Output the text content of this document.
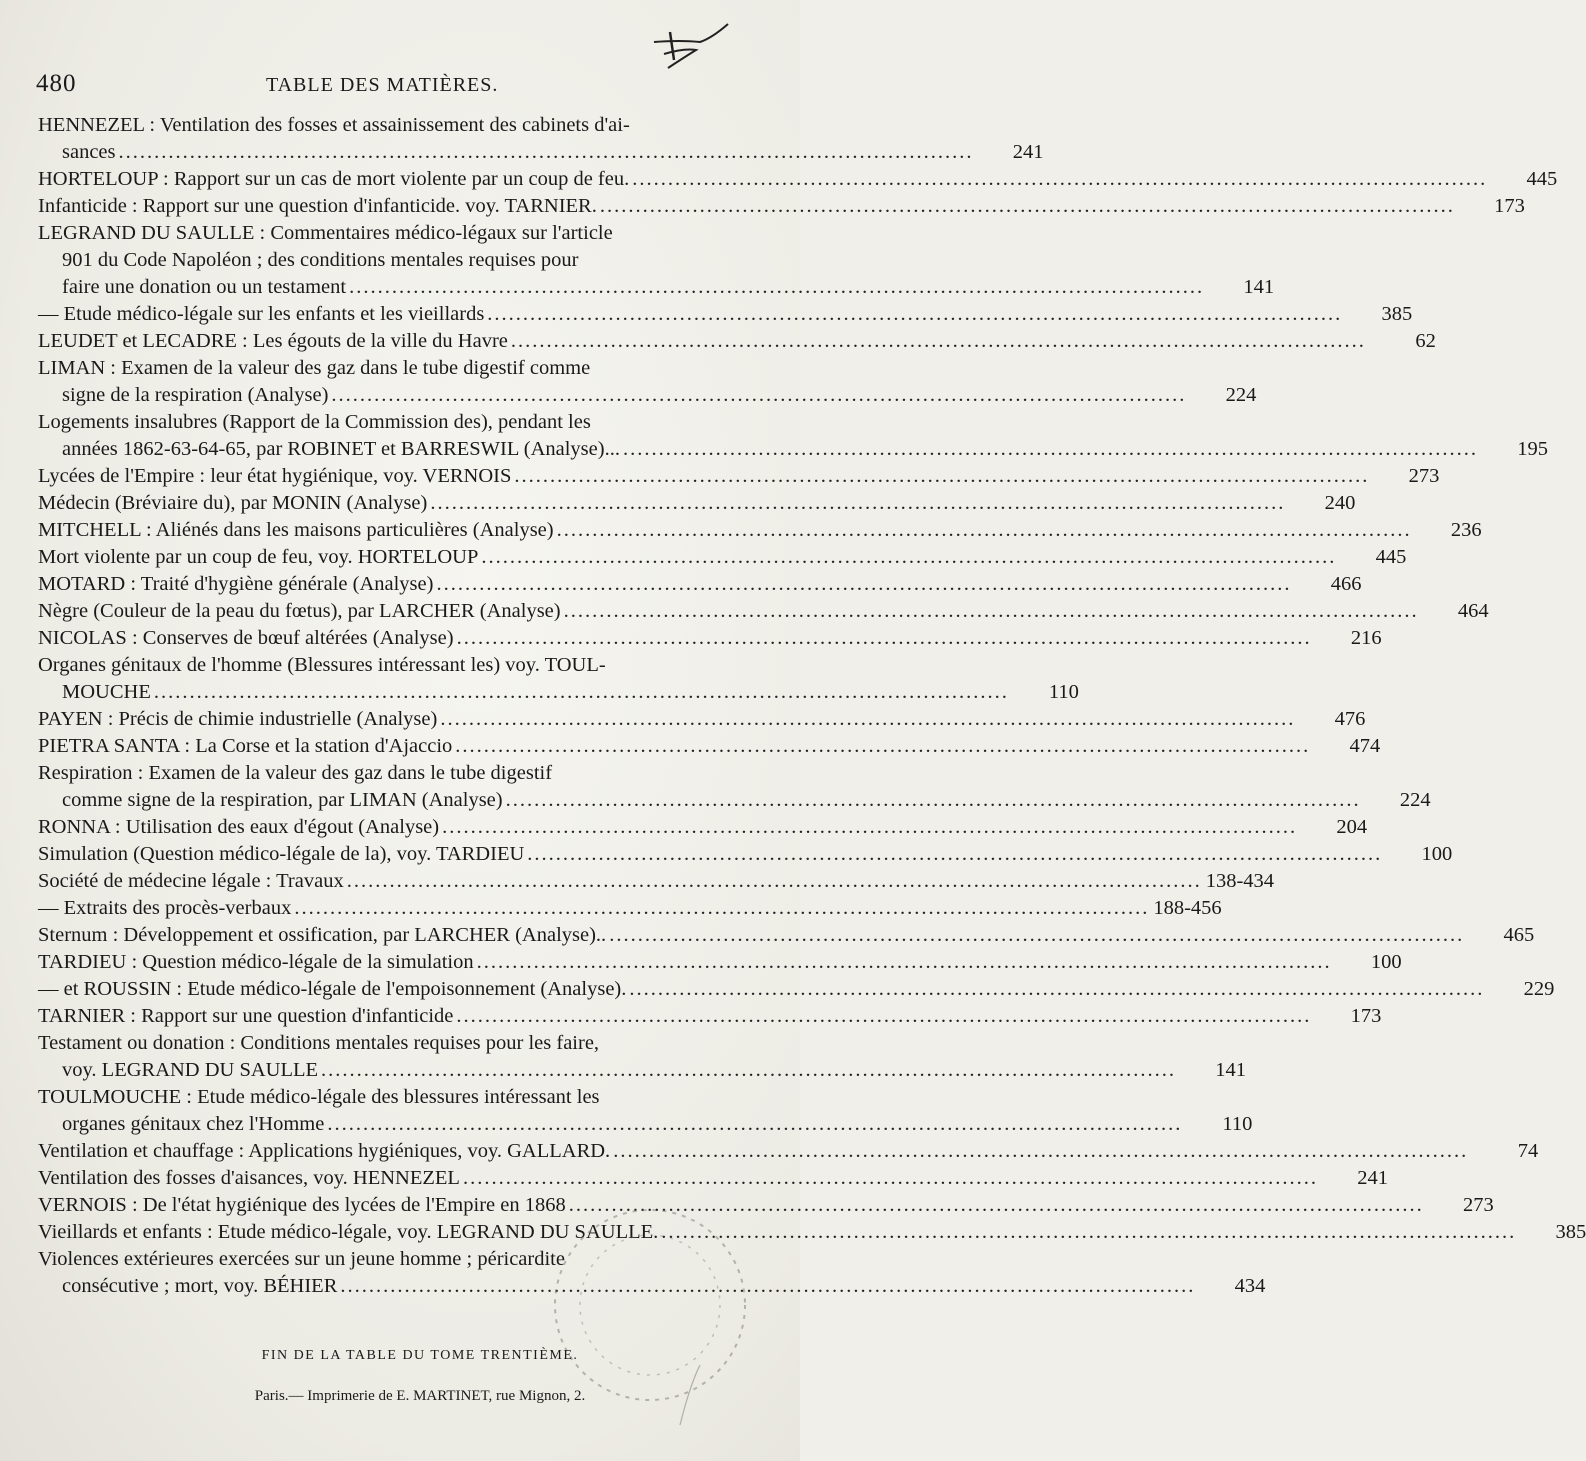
480	TABLE DES MATIÈRES.
HENNEZEL : Ventilation des fosses et assainissement des cabinets d'ai-
sances ........................................................................................................................	241
HORTELOUP : Rapport sur un cas de mort violente par un coup de feu. ........................................................................................................................	445
Infanticide : Rapport sur une question d'infanticide. voy. TARNIER. ........................................................................................................................	173
LEGRAND DU SAULLE : Commentaires médico-légaux sur l'article
901 du Code Napoléon ; des conditions mentales requises pour
faire une donation ou un testament ........................................................................................................................	141
— Etude médico-légale sur les enfants et les vieillards ........................................................................................................................	385
LEUDET et LECADRE : Les égouts de la ville du Havre ........................................................................................................................	62
LIMAN : Examen de la valeur des gaz dans le tube digestif comme
signe de la respiration (Analyse) ........................................................................................................................	224
Logements insalubres (Rapport de la Commission des), pendant les
années 1862-63-64-65, par ROBINET et BARRESWIL (Analyse)... ........................................................................................................................	195
Lycées de l'Empire : leur état hygiénique, voy. VERNOIS ........................................................................................................................	273
Médecin (Bréviaire du), par MONIN (Analyse) ........................................................................................................................	240
MITCHELL : Aliénés dans les maisons particulières (Analyse) ........................................................................................................................	236
Mort violente par un coup de feu, voy. HORTELOUP ........................................................................................................................	445
MOTARD : Traité d'hygiène générale (Analyse) ........................................................................................................................	466
Nègre (Couleur de la peau du fœtus), par LARCHER (Analyse) ........................................................................................................................	464
NICOLAS : Conserves de bœuf altérées (Analyse) ........................................................................................................................	216
Organes génitaux de l'homme (Blessures intéressant les) voy. TOUL-
MOUCHE ........................................................................................................................	110
PAYEN : Précis de chimie industrielle (Analyse) ........................................................................................................................	476
PIETRA SANTA : La Corse et la station d'Ajaccio ........................................................................................................................	474
Respiration : Examen de la valeur des gaz dans le tube digestif
comme signe de la respiration, par LIMAN (Analyse) ........................................................................................................................	224
RONNA : Utilisation des eaux d'égout (Analyse) ........................................................................................................................	204
Simulation (Question médico-légale de la), voy. TARDIEU ........................................................................................................................	100
Société de médecine légale : Travaux ........................................................................................................................ 138-434
— Extraits des procès-verbaux ........................................................................................................................ 188-456
Sternum : Développement et ossification, par LARCHER (Analyse).. ........................................................................................................................	465
TARDIEU : Question médico-légale de la simulation ........................................................................................................................	100
— et ROUSSIN : Etude médico-légale de l'empoisonnement (Analyse). ........................................................................................................................	229
TARNIER : Rapport sur une question d'infanticide ........................................................................................................................	173
Testament ou donation : Conditions mentales requises pour les faire,
voy. LEGRAND DU SAULLE ........................................................................................................................	141
TOULMOUCHE : Etude médico-légale des blessures intéressant les
organes génitaux chez l'Homme ........................................................................................................................	110
Ventilation et chauffage : Applications hygiéniques, voy. GALLARD. ........................................................................................................................	74
Ventilation des fosses d'aisances, voy. HENNEZEL ........................................................................................................................	241
VERNOIS : De l'état hygiénique des lycées de l'Empire en 1868 ........................................................................................................................	273
Vieillards et enfants : Etude médico-légale, voy. LEGRAND DU SAULLE. ........................................................................................................................	385
Violences extérieures exercées sur un jeune homme ; péricardite
consécutive ; mort, voy. BÉHIER ........................................................................................................................	434
FIN DE LA TABLE DU TOME TRENTIÈME.
Paris.— Imprimerie de E. MARTINET, rue Mignon, 2.
